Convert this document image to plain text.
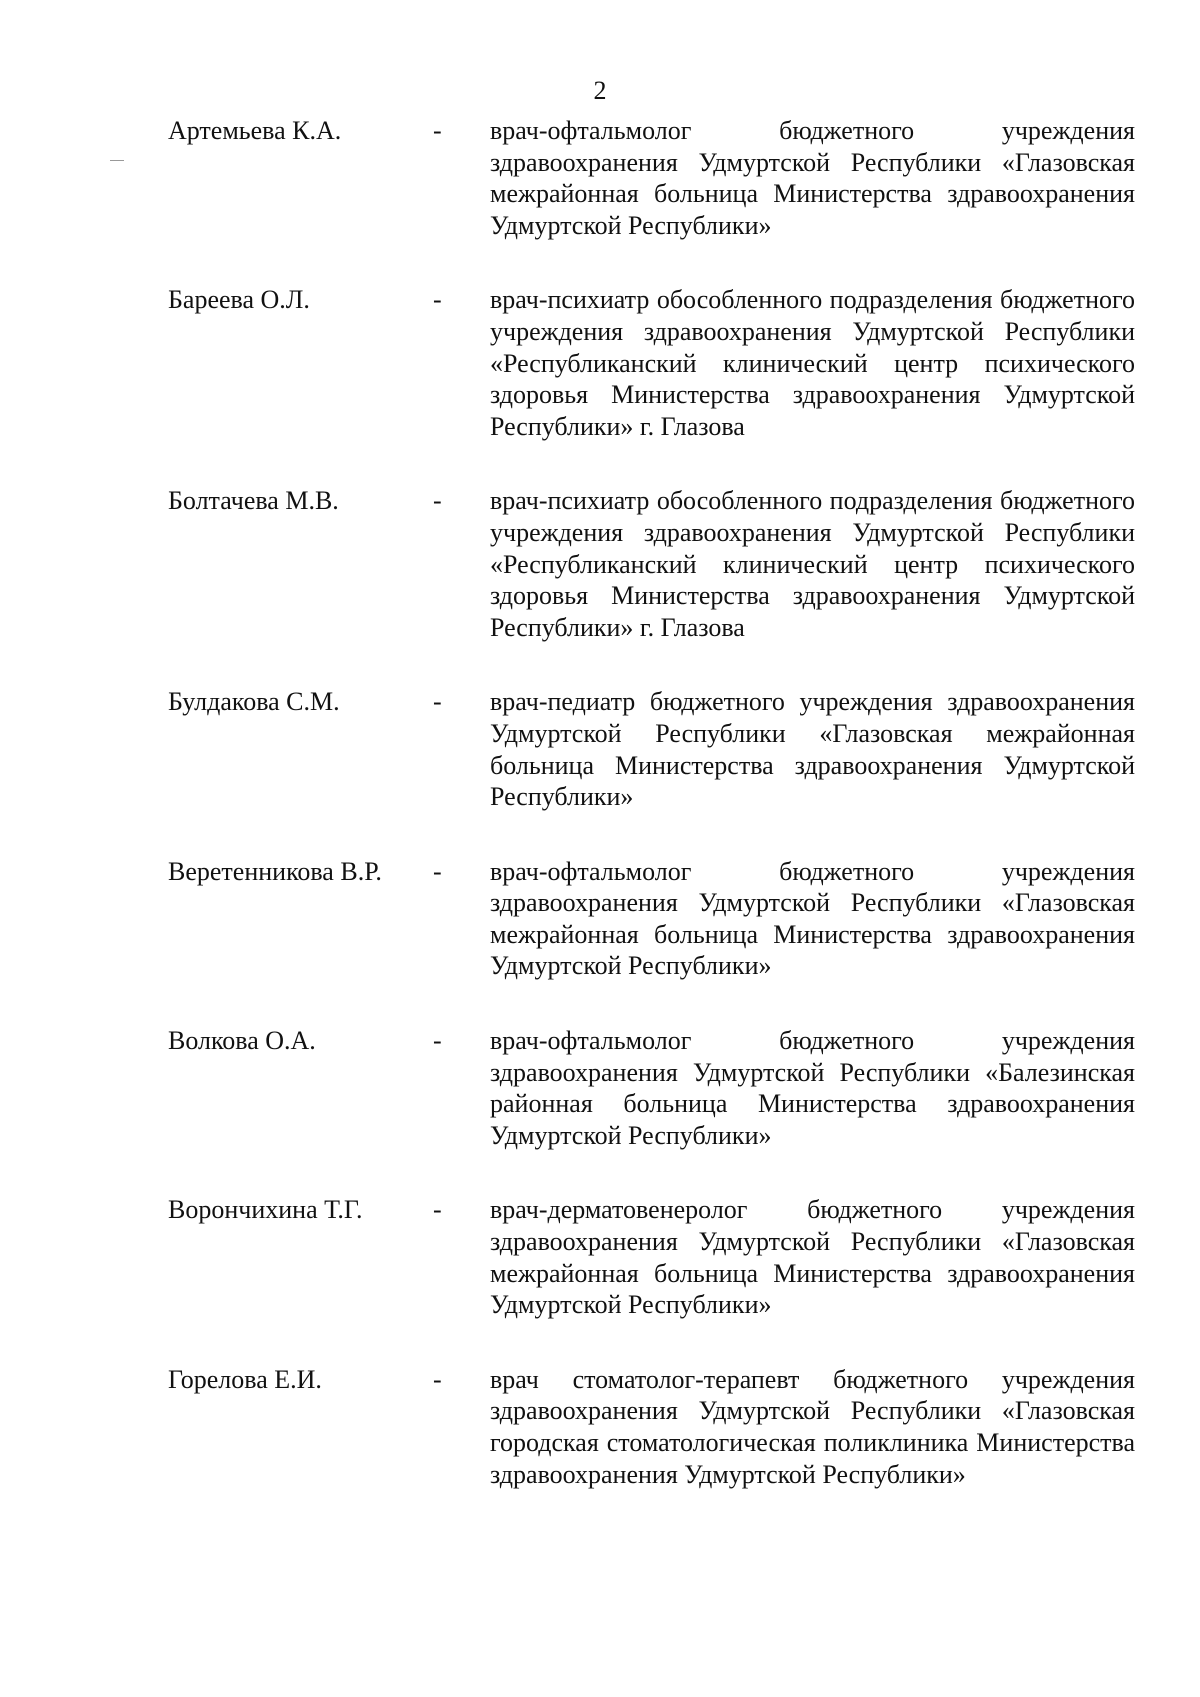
2
Артемьева К.А.	-	врач-офтальмолог бюджетного учреждения здравоохранения Удмуртской Республики «Глазовская межрайонная больница Министерства здравоохранения Удмуртской Республики»
Бареева О.Л.	-	врач-психиатр обособленного подразделения бюджетного учреждения здравоохранения Удмуртской Республики «Республиканский клинический центр психического здоровья Министерства здравоохранения Удмуртской Республики» г. Глазова
Болтачева М.В.	-	врач-психиатр обособленного подразделения бюджетного учреждения здравоохранения Удмуртской Республики «Республиканский клинический центр психического здоровья Министерства здравоохранения Удмуртской Республики» г. Глазова
Булдакова С.М.	-	врач-педиатр бюджетного учреждения здравоохранения Удмуртской Республики «Глазовская межрайонная больница Министерства здравоохранения Удмуртской Республики»
Веретенникова В.Р.	-	врач-офтальмолог бюджетного учреждения здравоохранения Удмуртской Республики «Глазовская межрайонная больница Министерства здравоохранения Удмуртской Республики»
Волкова О.А.	-	врач-офтальмолог бюджетного учреждения здравоохранения Удмуртской Республики «Балезинская районная больница Министерства здравоохранения Удмуртской Республики»
Ворончихина Т.Г.	-	врач-дерматовенеролог бюджетного учреждения здравоохранения Удмуртской Республики «Глазовская межрайонная больница Министерства здравоохранения Удмуртской Республики»
Горелова Е.И.	-	врач стоматолог-терапевт бюджетного учреждения здравоохранения Удмуртской Республики «Глазовская городская стоматологическая поликлиника Министерства здравоохранения Удмуртской Республики»
